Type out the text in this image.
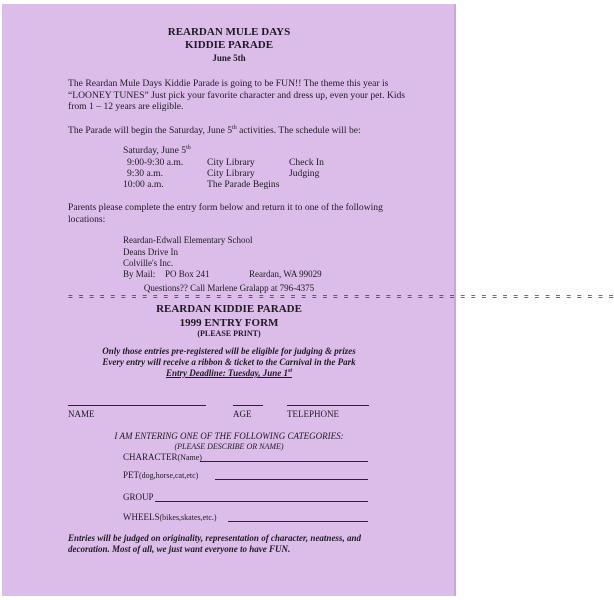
REARDAN MULE DAYS
KIDDIE PARADE
June 5th
The Reardan Mule Days Kiddie Parade is going to be FUN!! The theme this year is “LOONEY TUNES” Just pick your favorite character and dress up, even your pet. Kids from 1 – 12 years are eligible.
The Parade will begin the Saturday, June 5th activities. The schedule will be:
Saturday, June 5th
9:00-9:30 a.m. City Library	Check In
9:30 a.m.	City Library	Judging
10:00 a.m.	The Parade Begins
Parents please complete the entry form below and return it to one of the following locations:
Reardan-Edwall Elementary School
Deans Drive In
Colville's Inc.
By Mail: PO Box 241	Reardan, WA 99029
Questions?? Call Marlene Gralapp at 796-4375
= = = = = = = = = = = = = = = = = = = = = = = = = = = = = = = = = = = = = = = = = = = = = = = = = = = =
REARDAN KIDDIE PARADE
1999 ENTRY FORM
(PLEASE PRINT)
Only those entries pre-registered will be eligible for judging & prizes
Every entry will receive a ribbon & ticket to the Carnival in the Park
Entry Deadline: Tuesday, June 1st
NAME	AGE	TELEPHONE
I AM ENTERING ONE OF THE FOLLOWING CATEGORIES:
(PLEASE DESCRIBE OR NAME)
CHARACTER(Name)
PET(dog,horse,cat,etc)
GROUP
WHEELS(bikes,skates,etc.)
Entries will be judged on originality, representation of character, neatness, and decoration. Most of all, we just want everyone to have FUN.
